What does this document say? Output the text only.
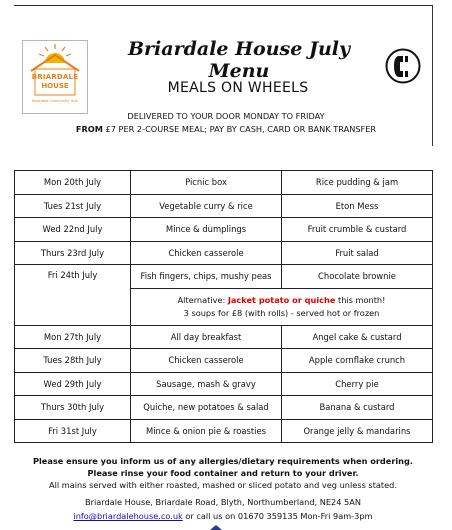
BRIARDALE
HOUSE
Briardale Community Hub
Briardale House July Menu
MEALS ON WHEELS
DELIVERED TO YOUR DOOR MONDAY TO FRIDAY
FROM £7 PER 2-COURSE MEAL; PAY BY CASH, CARD OR BANK TRANSFER
Mon 20th July	Picnic box	Rice pudding & jam
Tues 21st July	Vegetable curry & rice	Eton Mess
Wed 22nd July	Mince & dumplings	Fruit crumble & custard
Thurs 23rd July	Chicken casserole	Fruit salad
Fri 24th July	Fish fingers, chips, mushy peas	Chocolate brownie
	Alternative: Jacket potato or quiche this month!
3 soups for £8 (with rolls) - served hot or frozen	
Mon 27th July	All day breakfast	Angel cake & custard
Tues 28th July	Chicken casserole	Apple cornflake crunch
Wed 29th July	Sausage, mash & gravy	Cherry pie
Thurs 30th July	Quiche, new potatoes & salad	Banana & custard
Fri 31st July	Mince & onion pie & roasties	Orange jelly & mandarins
Please ensure you inform us of any allergies/dietary requirements when ordering.
Please rinse your food container and return to your driver.
All mains served with either roasted, mashed or sliced potato and veg unless stated.
Briardale House, Briardale Road, Blyth, Northumberland, NE24 5AN
info@briardalehouse.co.uk or call us on 01670 359135 Mon-Fri 9am-3pm
